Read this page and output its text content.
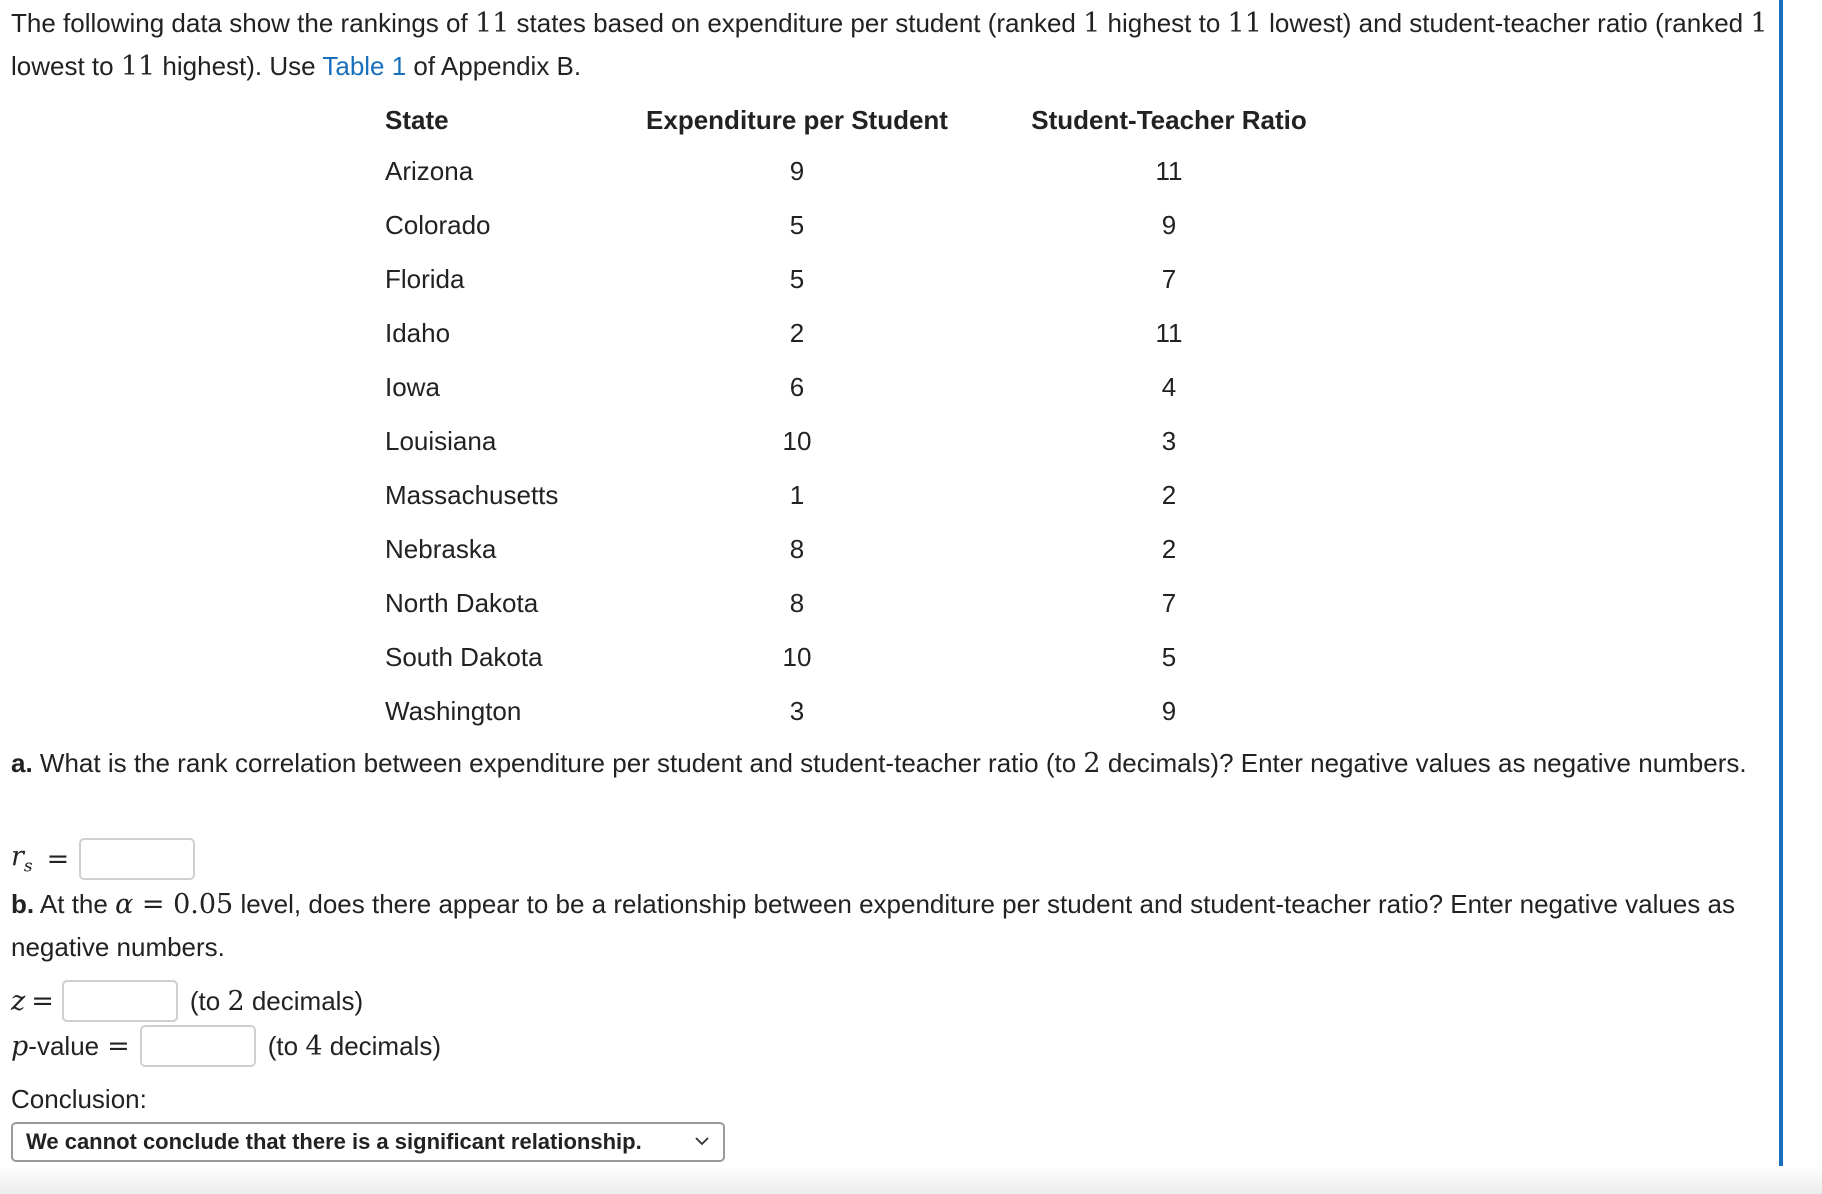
The following data show the rankings of 11 states based on expenditure per student (ranked 1 highest to 11 lowest) and student-teacher ratio (ranked 1 lowest to 11 highest). Use Table 1 of Appendix B.

State	Expenditure per Student	Student-Teacher Ratio
Arizona	9	11
Colorado	5	9
Florida	5	7
Idaho	2	11
Iowa	6	4
Louisiana	10	3
Massachusetts	1	2
Nebraska	8	2
North Dakota	8	7
South Dakota	10	5
Washington	3	9

a. What is the rank correlation between expenditure per student and student-teacher ratio (to 2 decimals)? Enter negative values as negative numbers.

$r_s$ =

b. At the α = 0.05 level, does there appear to be a relationship between expenditure per student and student-teacher ratio? Enter negative values as negative numbers.

z =	(to 2 decimals)
p -value =	(to 4 decimals)
Conclusion:
We cannot conclude that there is a significant relationship.
